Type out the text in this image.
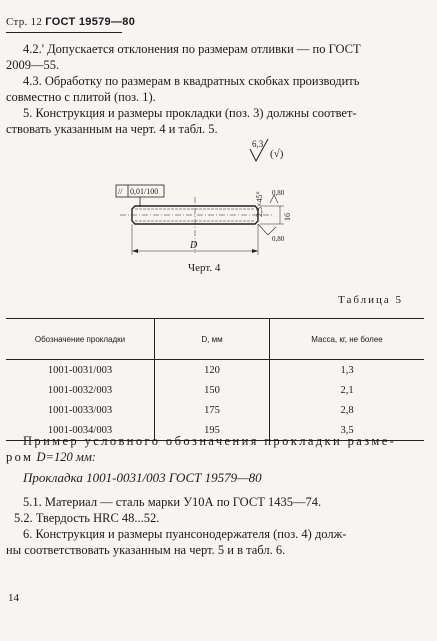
Стр. 12 ГОСТ 19579—80
4.2.' Допускается отклонения по размерам отливки — по ГОСТ
2009—55.
4.3. Обработку по размерам в квадратных скобках производить
совместно с плитой (поз. 1).
5. Конструкция и размеры прокладки (поз. 3) должны соответ-
ствовать указанным на черт. 4 и табл. 5.
6,3
(√)
2,5×45°
// 0,01/100
16
0,80
0,80
D
Черт. 4
Таблица 5
Обозначение прокладки	D, мм	Масса, кг, не более
1001-0031/003	120	1,3
1001-0032/003	150	2,1
1001-0033/003	175	2,8
1001-0034/003	195	3,5
Пример условного обозначения прокладки разме-
ром D=120 мм:
Прокладка 1001-0031/003 ГОСТ 19579—80
5.1. Материал — сталь марки У10А по ГОСТ 1435—74.
5.2. Твердость HRC 48...52.
6. Конструкция и размеры пуансонодержателя (поз. 4) долж-
ны соответствовать указанным на черт. 5 и в табл. 6.
14
